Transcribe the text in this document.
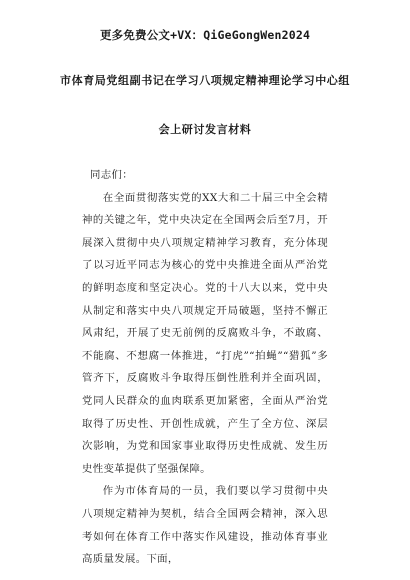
更多免费公文+VX：QiGeGongWen2024
市体育局党组副书记在学习八项规定精神理论学习中心组
会上研讨发言材料

同志们：

在全面贯彻落实党的XX大和二十届三中全会精神的关键之年，党中央决定在全国两会后至7月，开展深入贯彻中央八项规定精神学习教育，充分体现了以习近平同志为核心的党中央推进全面从严治党的鲜明态度和坚定决心。党的十八大以来，党中央从制定和落实中央八项规定开局破题，坚持不懈正风肃纪，开展了史无前例的反腐败斗争，不敢腐、不能腐、不想腐一体推进，“打虎”“拍蝇”“猎狐”多管齐下，反腐败斗争取得压倒性胜利并全面巩固，党同人民群众的血肉联系更加紧密，全面从严治党取得了历史性、开创性成就，产生了全方位、深层次影响，为党和国家事业取得历史性成就、发生历史性变革提供了坚强保障。

作为市体育局的一员，我们要以学习贯彻中央八项规定精神为契机，结合全国两会精神，深入思考如何在体育工作中落实作风建设，推动体育事业高质量发展。下面，
